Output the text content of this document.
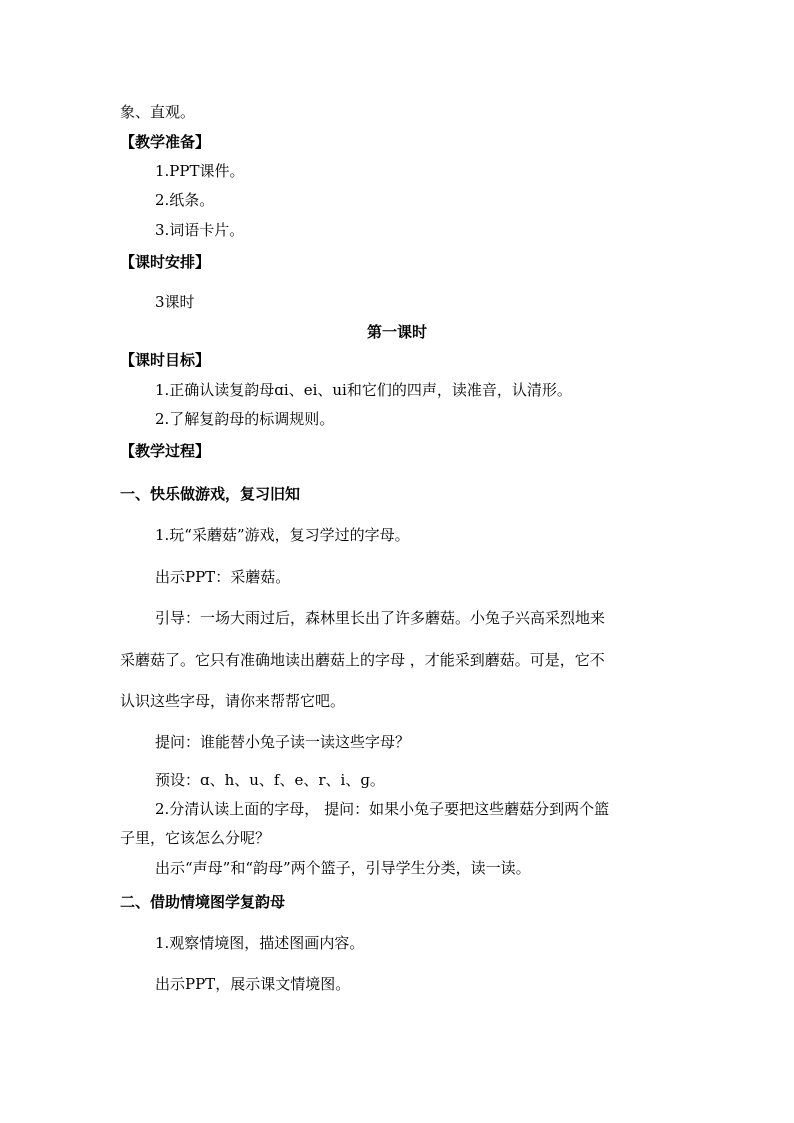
象、直观。
【教学准备】
1.PPT课件。
2.纸条。
3.词语卡片。
【课时安排】
3课时
第一课时
【课时目标】
1.正确认读复韵母ɑi、ei、ui和它们的四声，读准音，认清形。
2.了解复韵母的标调规则。
【教学过程】
一、快乐做游戏，复习旧知
1.玩“采蘑菇”游戏，复习学过的字母。
出示PPT：采蘑菇。
引导：一场大雨过后，森林里长出了许多蘑菇。小兔子兴高采烈地来
采蘑菇了。它只有准确地读出蘑菇上的字母 ，才能采到蘑菇。可是，它不
认识这些字母，请你来帮帮它吧。
提问：谁能替小兔子读一读这些字母？
预设：ɑ、h、u、f、e、r、i、ɡ。
2.分清认读上面的字母， 提问：如果小兔子要把这些蘑菇分到两个篮
子里，它该怎么分呢？
出示“声母”和“韵母”两个篮子，引导学生分类，读一读。
二、借助情境图学复韵母
1.观察情境图，描述图画内容。
出示PPT，展示课文情境图。
